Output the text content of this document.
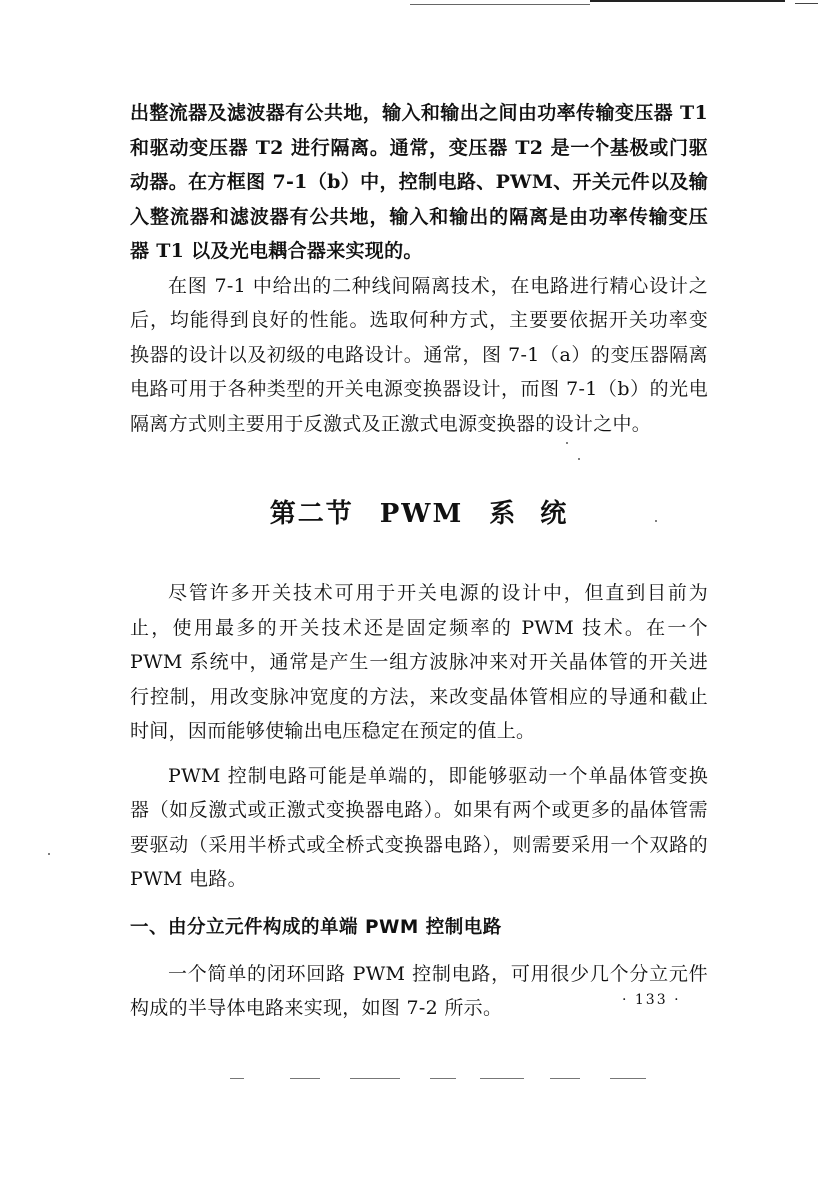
出整流器及滤波器有公共地，输入和输出之间由功率传输变压器 T1 和驱动变压器 T2 进行隔离。通常，变压器 T2 是一个基极或门驱动器。在方框图 7-1（b）中，控制电路、PWM、开关元件以及输入整流器和滤波器有公共地，输入和输出的隔离是由功率传输变压器 T1 以及光电耦合器来实现的。

在图 7-1 中给出的二种线间隔离技术，在电路进行精心设计之后，均能得到良好的性能。选取何种方式，主要要依据开关功率变换器的设计以及初级的电路设计。通常，图 7-1（a）的变压器隔离电路可用于各种类型的开关电源变换器设计，而图 7-1（b）的光电隔离方式则主要用于反激式及正激式电源变换器的设计之中。

第二节 PWM 系 统

尽管许多开关技术可用于开关电源的设计中，但直到目前为止，使用最多的开关技术还是固定频率的 PWM 技术。在一个 PWM 系统中，通常是产生一组方波脉冲来对开关晶体管的开关进行控制，用改变脉冲宽度的方法，来改变晶体管相应的导通和截止时间，因而能够使输出电压稳定在预定的值上。

PWM 控制电路可能是单端的，即能够驱动一个单晶体管变换器（如反激式或正激式变换器电路）。如果有两个或更多的晶体管需要驱动（采用半桥式或全桥式变换器电路），则需要采用一个双路的 PWM 电路。

一、由分立元件构成的单端 PWM 控制电路

一个简单的闭环回路 PWM 控制电路，可用很少几个分立元件构成的半导体电路来实现，如图 7-2 所示。	· 133 ·
